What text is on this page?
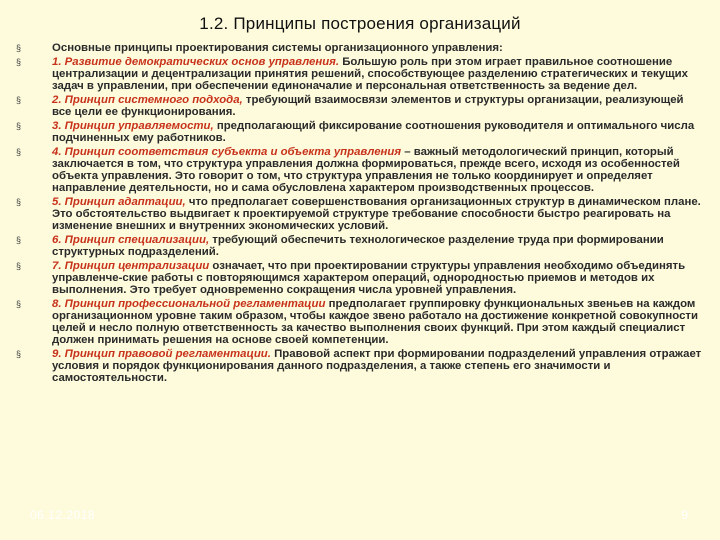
1.2. Принципы построения организаций
§	Основные принципы проектирования системы организационного управления:
§	1. Развитие демократических основ управления. Большую роль при этом играет правильное соотношение централизации и децентрализации принятия решений, способствующее разделению стратегических и текущих задач в управлении, при обеспечении единоначалие и персональная ответственность за ведение дел.
§	2. Принцип системного подхода, требующий взаимосвязи элементов и структуры организации, реализующей все цели ее функционирования.
§	3. Принцип управляемости, предполагающий фиксирование соотношения руководителя и оптимального числа подчиненных ему работников.
§	4. Принцип соответствия субъекта и объекта управления – важный методологический принцип, который заключается в том, что структура управления должна формироваться, прежде всего, исходя из особенностей объекта управления. Это говорит о том, что структура управления не только координирует и определяет направление деятельности, но и сама обусловлена характером производственных процессов.
§	5. Принцип адаптации, что предполагает совершенствования организационных структур в динамическом плане. Это обстоятельство выдвигает к проектируемой структуре требование способности быстро реагировать на изменение внешних и внутренних экономических условий.
§	6. Принцип специализации, требующий обеспечить технологическое разделение труда при формировании структурных подразделений.
§	7. Принцип централизации означает, что при проектировании структуры управления необходимо объединять управленче-ские работы с повторяющимся характером операций, однородностью приемов и методов их выполнения. Это требует одновременно сокращения числа уровней управления.
§	8. Принцип профессиональной регламентации предполагает группировку функциональных звеньев на каждом организационном уровне таким образом, чтобы каждое звено работало на достижение конкретной совокупности целей и несло полную ответственность за качество выполнения своих функций. При этом каждый специалист должен принимать решения на основе своей компетенции.
§	9. Принцип правовой регламентации. Правовой аспект при формировании подразделений управления отражает условия и порядок функционирования данного подразделения, а также степень его значимости и самостоятельности.
06.12.2018	9
